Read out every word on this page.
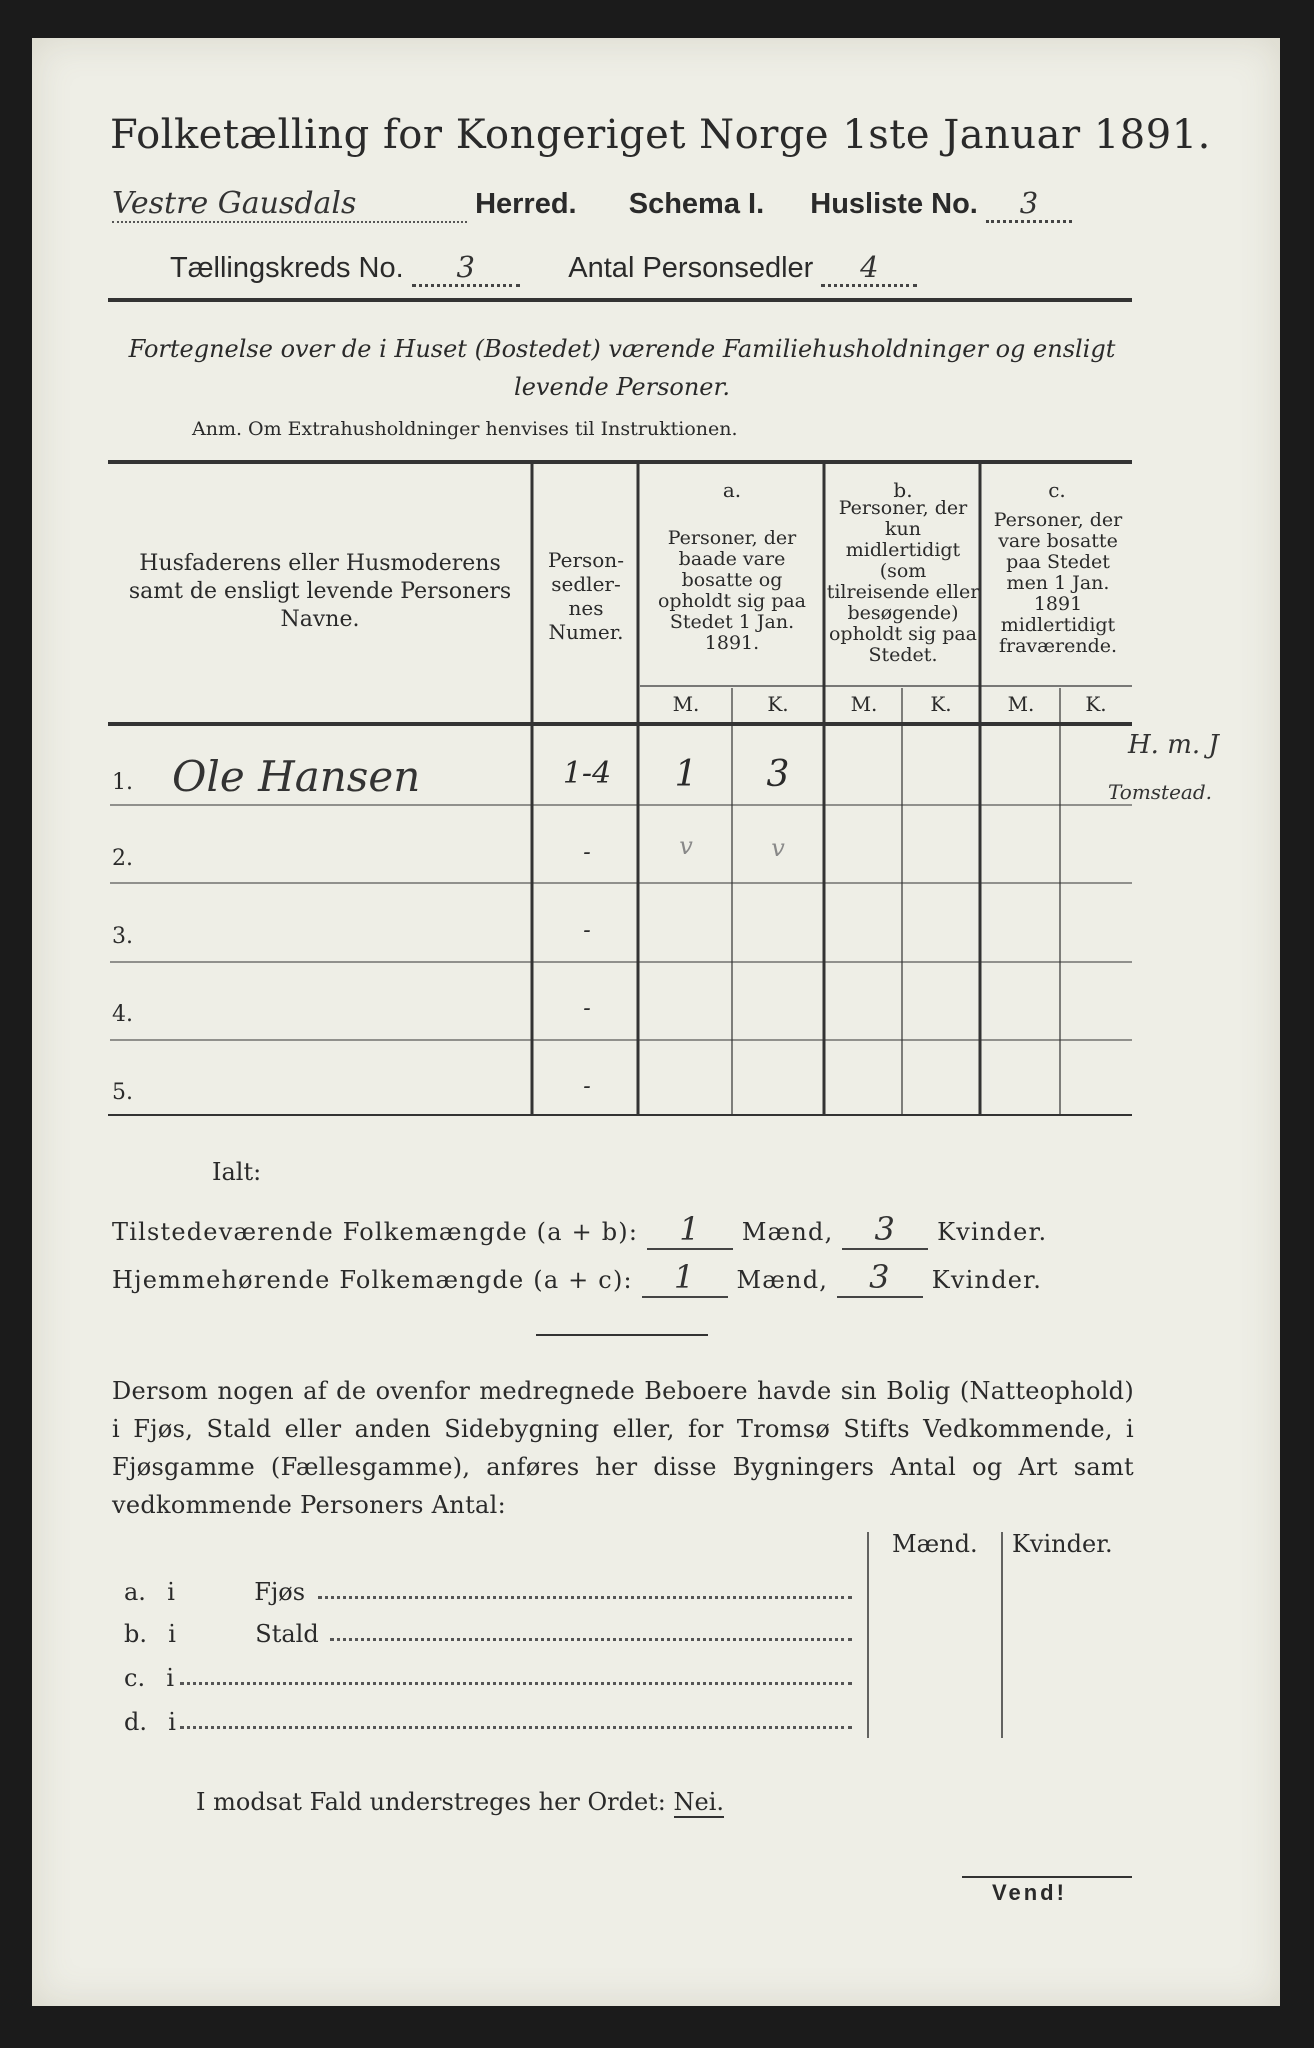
Folketælling for Kongeriget Norge 1ste Januar 1891.
Vestre Gausdals	Herred. Schema I. Husliste No. 3
Tællingskreds No. 3	Antal Personsedler 4
Fortegnelse over de i Huset (Bostedet) værende Familiehusholdninger og ensligt
levende Personer.
Anm. Om Extrahusholdninger henvises til Instruktionen.
Husfaderens eller Husmoderens samt de ensligt levende Personers Navne.
Person-sedler-nes Numer.
a.
Personer, der baade vare bosatte og opholdt sig paa Stedet 1 Jan. 1891.
b.
Personer, der kun midlertidigt (som tilreisende eller besøgende) opholdt sig paa Stedet.
c.
Personer, der vare bosatte paa Stedet men 1 Jan. 1891 midlertidigt fraværende.
M.	K.	M.	K.	M.	K.
1. Ole Hansen	1-4	1	3
H. m. J
Tomstead.
2.	-	v	v
3.	-
4.	-
5.	-
Ialt:
Tilstedeværende Folkemængde (a + b): 1 Mænd, 3 Kvinder.
Hjemmehørende Folkemængde (a + c): 1 Mænd, 3 Kvinder.
Dersom nogen af de ovenfor medregnede Beboere havde sin Bolig (Natteophold) i Fjøs, Stald eller anden Sidebygning eller, for Tromsø Stifts Vedkommende, i Fjøsgamme (Fællesgamme), anføres her disse Bygningers Antal og Art samt vedkommende Personers Antal:
Mænd. Kvinder.
a. i	Fjøs
b. i	Stald
c. i
d. i
I modsat Fald understreges her Ordet: Nei.
Vend!
